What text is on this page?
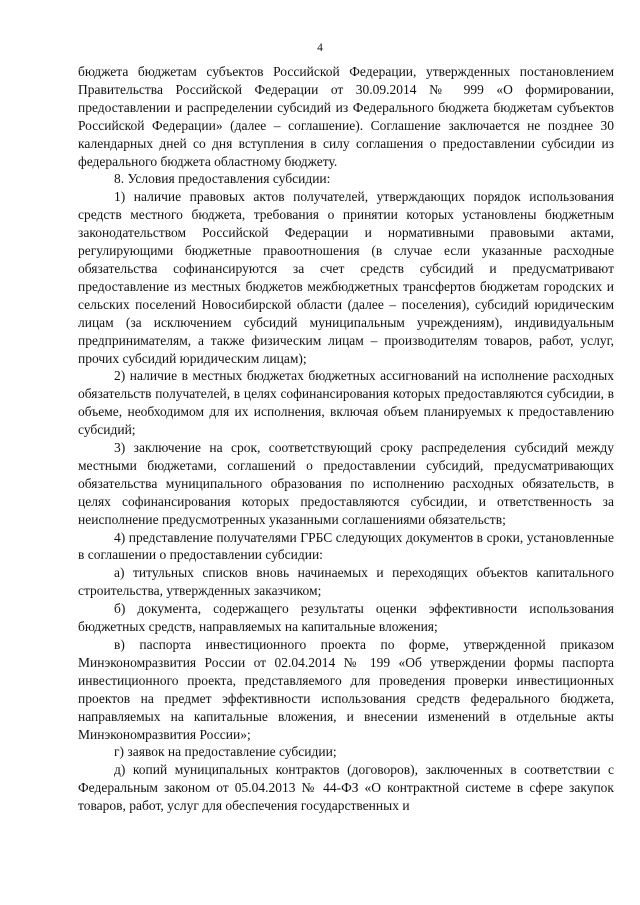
4

бюджета бюджетам субъектов Российской Федерации, утвержденных постановлением Правительства Российской Федерации от 30.09.2014 № 999 «О формировании, предоставлении и распределении субсидий из Федерального бюджета бюджетам субъектов Российской Федерации» (далее – соглашение). Соглашение заключается не позднее 30 календарных дней со дня вступления в силу соглашения о предоставлении субсидии из федерального бюджета областному бюджету.

8. Условия предоставления субсидии:

1) наличие правовых актов получателей, утверждающих порядок использования средств местного бюджета, требования о принятии которых установлены бюджетным законодательством Российской Федерации и нормативными правовыми актами, регулирующими бюджетные правоотношения (в случае если указанные расходные обязательства софинансируются за счет средств субсидий и предусматривают предоставление из местных бюджетов межбюджетных трансфертов бюджетам городских и сельских поселений Новосибирской области (далее – поселения), субсидий юридическим лицам (за исключением субсидий муниципальным учреждениям), индивидуальным предпринимателям, а также физическим лицам – производителям товаров, работ, услуг, прочих субсидий юридическим лицам);

2) наличие в местных бюджетах бюджетных ассигнований на исполнение расходных обязательств получателей, в целях софинансирования которых предоставляются субсидии, в объеме, необходимом для их исполнения, включая объем планируемых к предоставлению субсидий;

3) заключение на срок, соответствующий сроку распределения субсидий между местными бюджетами, соглашений о предоставлении субсидий, предусматривающих обязательства муниципального образования по исполнению расходных обязательств, в целях софинансирования которых предоставляются субсидии, и ответственность за неисполнение предусмотренных указанными соглашениями обязательств;

4) представление получателями ГРБС следующих документов в сроки, установленные в соглашении о предоставлении субсидии:

а) титульных списков вновь начинаемых и переходящих объектов капитального строительства, утвержденных заказчиком;

б) документа, содержащего результаты оценки эффективности использования бюджетных средств, направляемых на капитальные вложения;

в) паспорта инвестиционного проекта по форме, утвержденной приказом Минэкономразвития России от 02.04.2014 № 199 «Об утверждении формы паспорта инвестиционного проекта, представляемого для проведения проверки инвестиционных проектов на предмет эффективности использования средств федерального бюджета, направляемых на капитальные вложения, и внесении изменений в отдельные акты Минэкономразвития России»;

г) заявок на предоставление субсидии;

д) копий муниципальных контрактов (договоров), заключенных в соответствии с Федеральным законом от 05.04.2013 № 44-ФЗ «О контрактной системе в сфере закупок товаров, работ, услуг для обеспечения государственных и
